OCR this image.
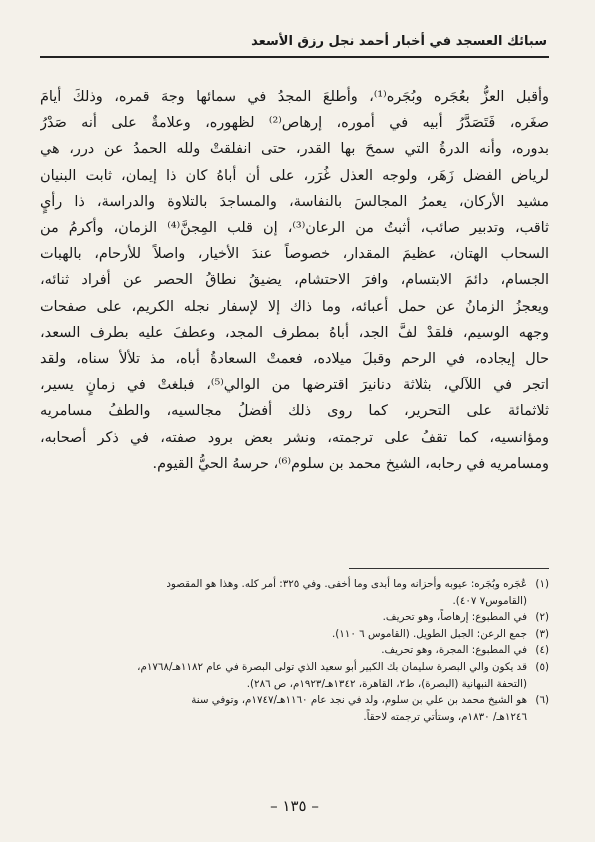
سبائك العسجد في أخبار أحمد نجل رزق الأسعد
وأقبل العزُّ بعُجَره وبُجَره⁽¹⁾، وأطلعَ المجدُ في سمائها وجهَ قمره، وذلكَ أيامَ
صغَره، فَتَصَدَّرُ أبيه في أموره، إرهاص⁽²⁾ لظهوره، وعلامةٌ على أنه صَدْرُ
بدوره، وأنه الدرةُ التي سمحَ بها القدر، حتى انفلقتْ ولله الحمدُ عن درر، هي
لرياض الفضل زَهَر، ولوجه العذل غُرَر، على أن أباهُ كان ذا إيمان، ثابت البنيان
مشيد الأركان، يعمرُ المجالسَ بالنفاسة، والمساجدَ بالتلاوة والدراسة، ذا رأيٍ
ثاقب، وتدبير صائب، أثبتُ من الرعان⁽³⁾، إن قلب المِجنَّ⁽⁴⁾ الزمان، وأكرمُ من
السحاب الهتان، عظيمَ المقدار، خصوصاً عندَ الأخيار، واصلاً للأرحام، بالهبات
الجسام، دائمَ الابتسام، وافرَ الاحتشام، يضيقُ نطاقُ الحصر عن أفراد ثنائه،
ويعجزُ الزمانُ عن حمل أعبائه، وما ذاك إلا لإسفار نجله الكريم، على صفحات
وجهه الوسيم، فلقدْ لفَّ الجد، أباهُ بمطرف المجد، وعطفَ عليه بطرف السعد،
حال إيجاده، في الرحم وقبلَ ميلاده، فعمتْ السعادةُ أباه، مذ تلألأ سناه، ولقد
اتجر في اللآلي، بثلاثة دنانيرَ اقترضها من الوالي⁽⁵⁾، فبلغتْ في زمانٍ يسير،
ثلاثمائة على التحرير، كما روى ذلك أفضلُ مجالسيه، والطفُ مسامريه
ومؤانسيه، كما تقفُ على ترجمته، ونشر بعض برود صفته، في ذكر أصحابه،
ومسامريه في رحابه، الشيخ محمد بن سلوم⁽⁶⁾، حرسهُ الحيُّ القيوم.
(١)
عُجَره وبُجَره: عيوبه وأحزانه وما أبدى وما أخفى. وفي ٣٢٥: أمر كله. وهذا هو المقصود
(القاموس٧ ٤٠٧).
(٢)
في المطبوع: إرهاصاً، وهو تحريف.
(٣)
جمع الرعن: الجبل الطويل. (القاموس ٦ ١١٠).
(٤)
في المطبوع: المجرة، وهو تحريف.
(٥)
قد يكون والي البصرة سليمان بك الكبير أبو سعيد الذي تولى البصرة في عام ١١٨٢هـ/١٧٦٨م،
(التحفة النبهانية (البصرة)، ط٢، القاهرة، ١٣٤٢هـ/١٩٢٣م، ص ٢٨٦).
(٦)
هو الشيخ محمد بن علي بن سلوم، ولد في نجد عام ١١٦٠هـ/١٧٤٧م، وتوفي سنة
١٢٤٦هـ/ ١٨٣٠م، وستأتي ترجمته لاحقاً.
– ١٣٥ –
